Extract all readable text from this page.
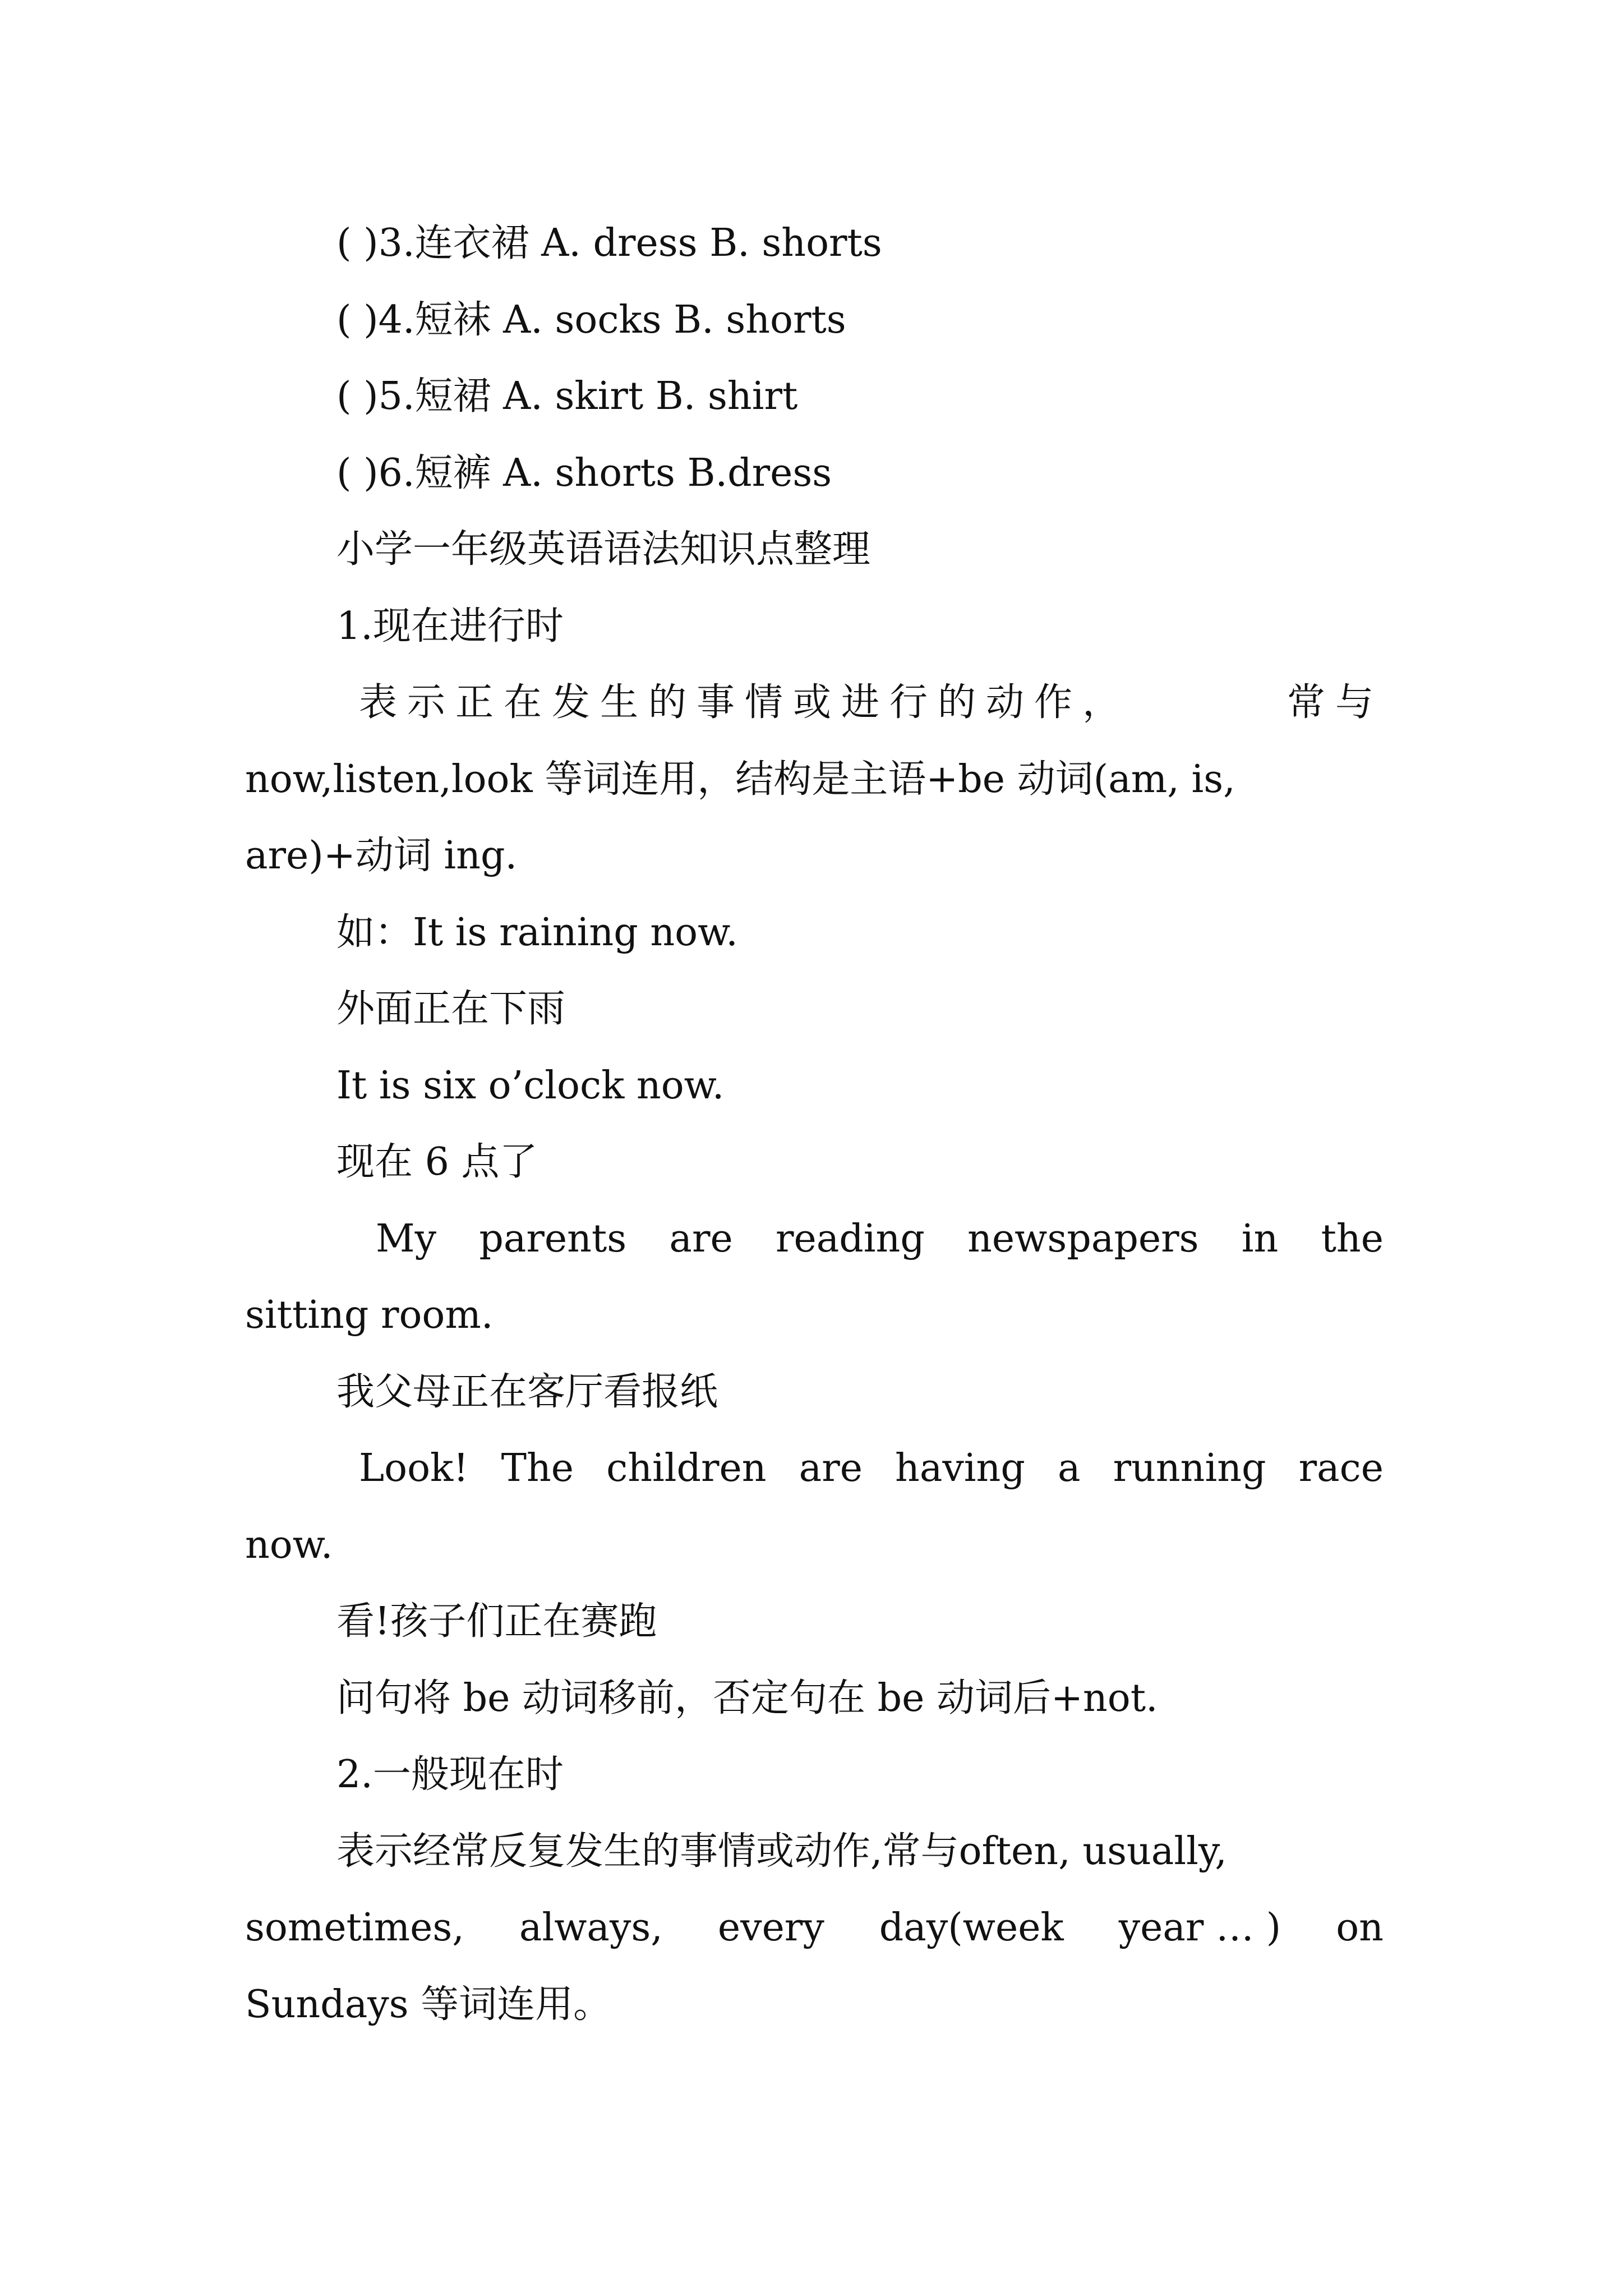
( )3.连衣裙 A. dress B. shorts
( )4.短袜 A. socks B. shorts
( )5.短裙 A. skirt B. shirt
( )6.短裤 A. shorts B.dress
小学一年级英语语法知识点整理
1.现在进行时
表示正在发生的事情或进行的动作，	常与
now,listen,look 等词连用，结构是主语+be 动词(am, is,
are)+动词 ing.
如：It is raining now.
外面正在下雨
It is six o’clock now.
现在 6 点了
My parents are reading newspapers in the
sitting room.
我父母正在客厅看报纸
Look! The children are having a running race
now.
看!孩子们正在赛跑
问句将 be 动词移前，否定句在 be 动词后+not.
2.一般现在时
表示经常反复发生的事情或动作,常与often, usually,
sometimes, always, every day(week year … ) on
Sundays 等词连用。
